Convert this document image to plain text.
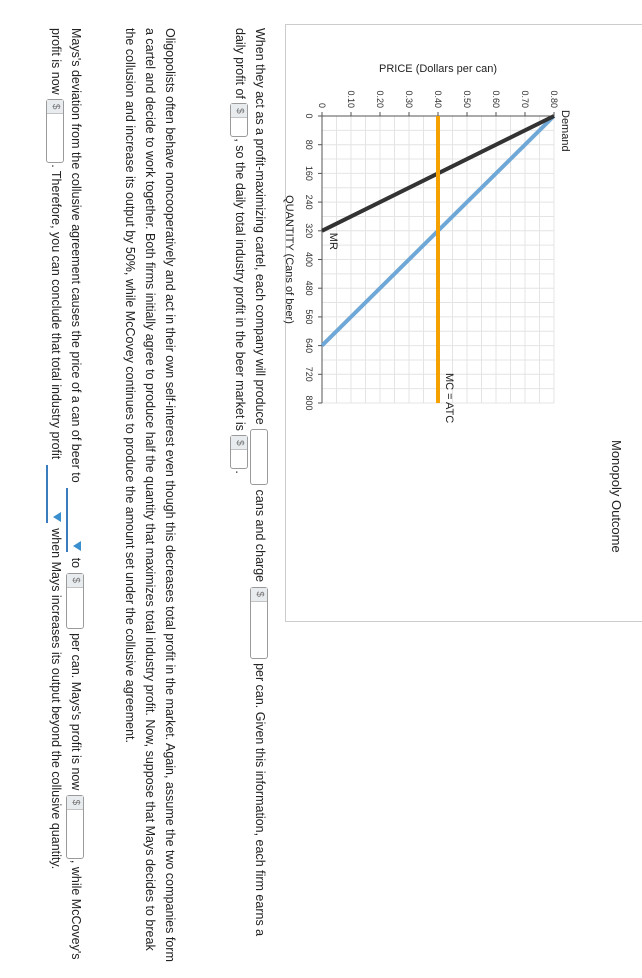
0
80
160
240
320
400
480
560
640
720
800
0 0.10 0.20 0.30 0.40 0.50 0.60 0.70 0.80
QUANTITY (Cans of beer)
PRICE (Dollars per can)
Demand
MR
MC = ATC
Monopoly Outcome

When they act as a profit-maximizing cartel, each company will produce  cans and charge
$
per can. Given this information, each firm earns a daily profit of
$
, so the daily total industry profit in the beer market is
$
.

Oligopolists often behave noncooperatively and act in their own self-interest even though this decreases total profit in the market. Again, assume the two companies form a cartel and decide to work together. Both firms initially agree to produce half the quantity that maximizes total industry profit. Now, suppose that Mays decides to break the collusion and increase its output by 50%, while McCovey continues to produce the amount set under the collusive agreement.

Mays's deviation from the collusive agreement causes the price of a can of beer to
to
$
per can. Mays's profit is now
$
, while McCovey's profit is now
$
. Therefore, you can conclude that total industry profit
when Mays increases its output beyond the collusive quantity.
